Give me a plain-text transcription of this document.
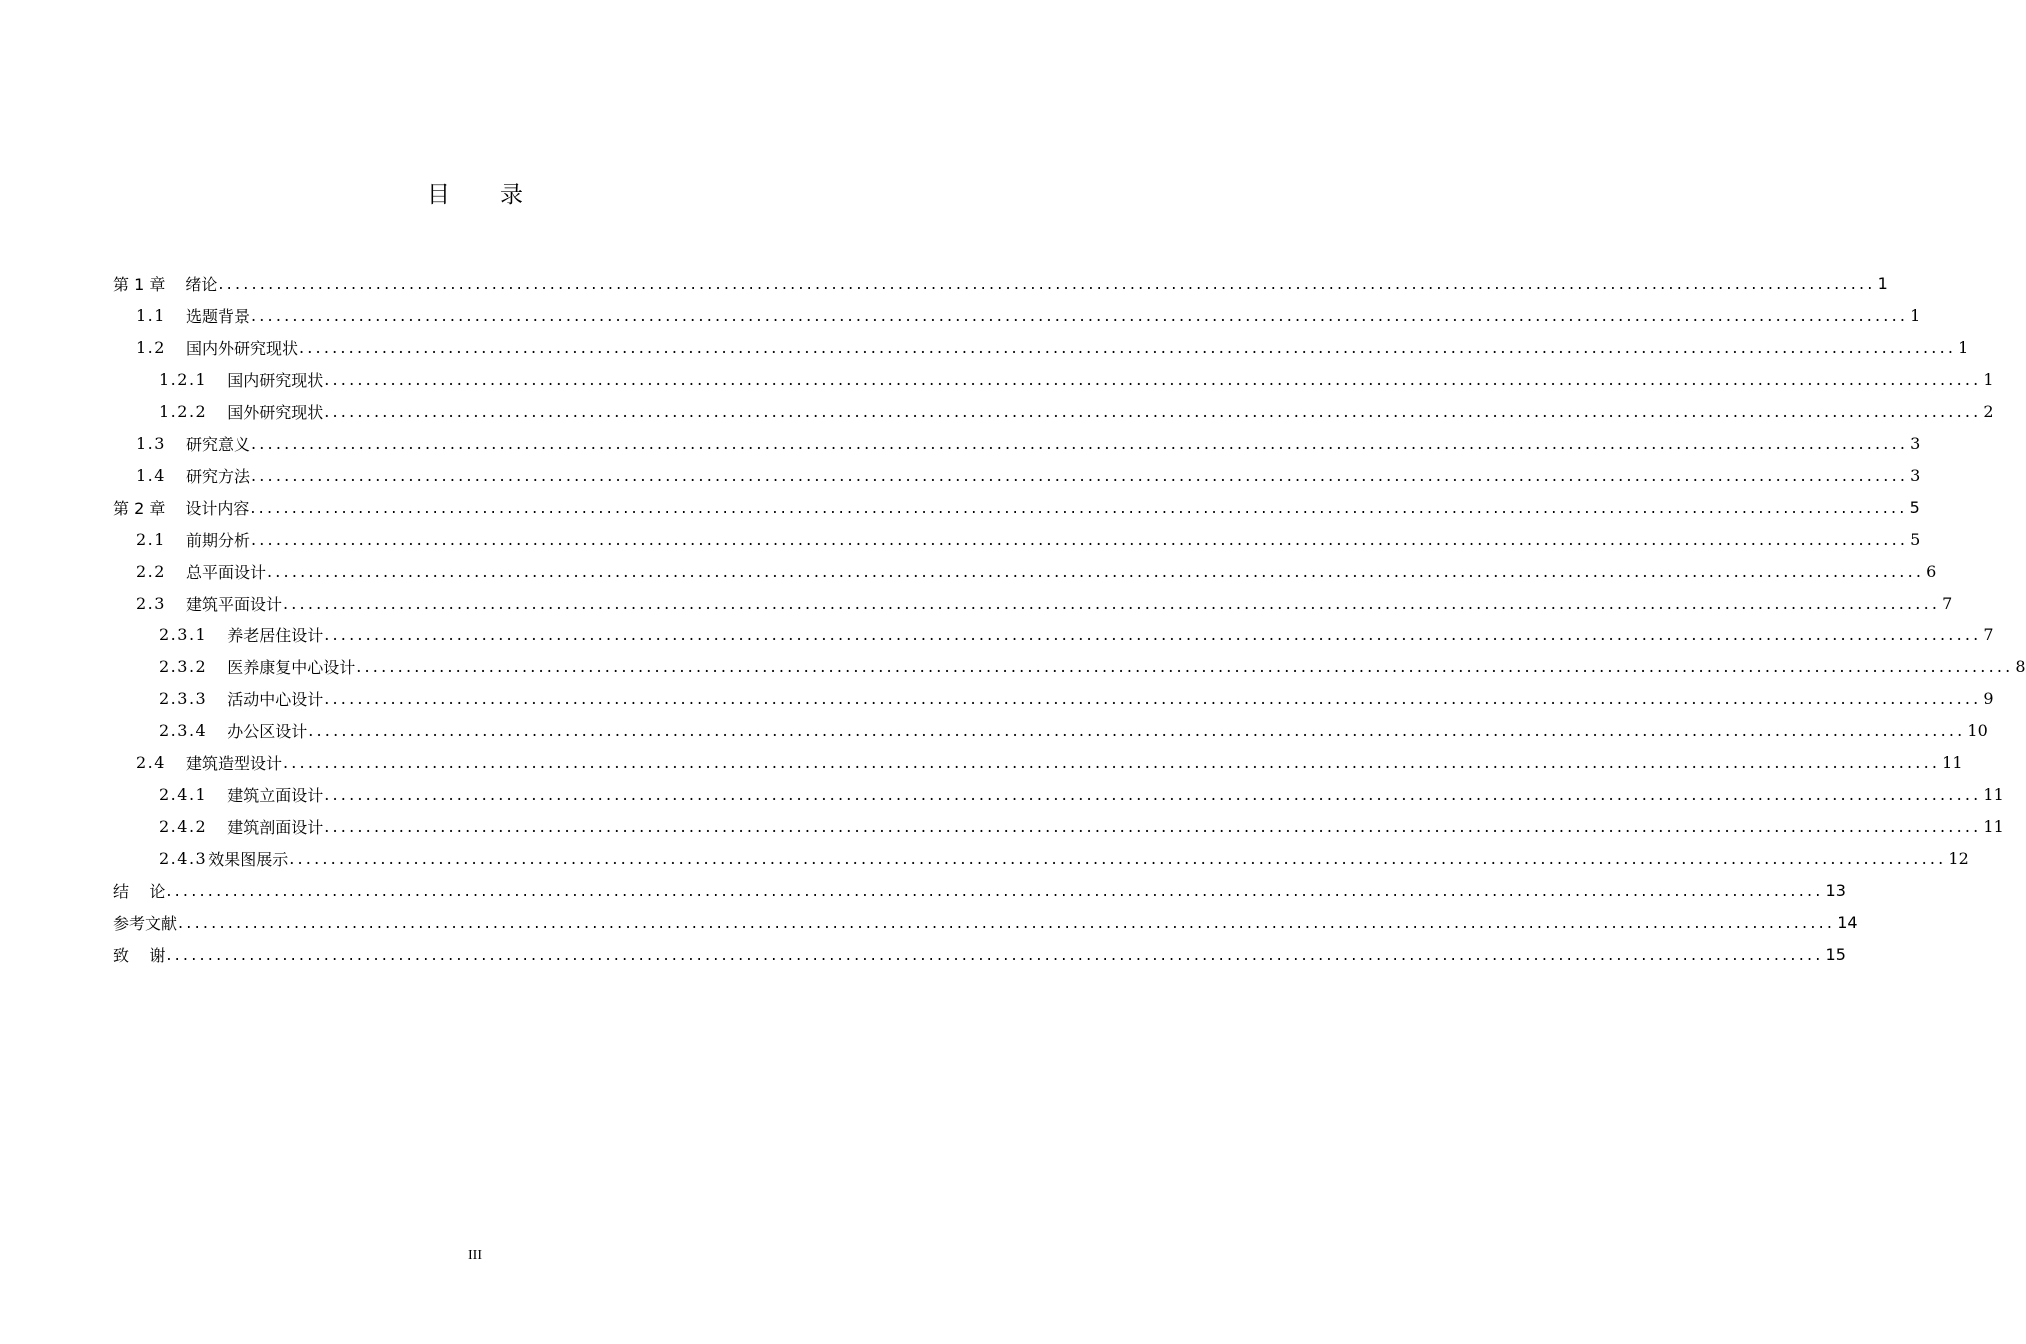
目 录
第 1 章 绪论 ........................................................................................................................................................................................................ 1
1.1 选题背景 ........................................................................................................................................................................................................ 1
1.2 国内外研究现状 ........................................................................................................................................................................................................ 1
1.2.1 国内研究现状 ........................................................................................................................................................................................................ 1
1.2.2 国外研究现状 ........................................................................................................................................................................................................ 2
1.3 研究意义 ........................................................................................................................................................................................................ 3
1.4 研究方法 ........................................................................................................................................................................................................ 3
第 2 章 设计内容 ........................................................................................................................................................................................................ 5
2.1 前期分析 ........................................................................................................................................................................................................ 5
2.2 总平面设计 ........................................................................................................................................................................................................ 6
2.3 建筑平面设计 ........................................................................................................................................................................................................ 7
2.3.1 养老居住设计 ........................................................................................................................................................................................................ 7
2.3.2 医养康复中心设计 ........................................................................................................................................................................................................ 8
2.3.3 活动中心设计 ........................................................................................................................................................................................................ 9
2.3.4 办公区设计 ........................................................................................................................................................................................................ 10
2.4 建筑造型设计 ........................................................................................................................................................................................................ 11
2.4.1 建筑立面设计 ........................................................................................................................................................................................................ 11
2.4.2 建筑剖面设计 ........................................................................................................................................................................................................ 11
2.4.3 效果图展示 ........................................................................................................................................................................................................ 12
结    论 ........................................................................................................................................................................................................ 13
参考文献 ........................................................................................................................................................................................................ 14
致    谢 ........................................................................................................................................................................................................ 15
III
